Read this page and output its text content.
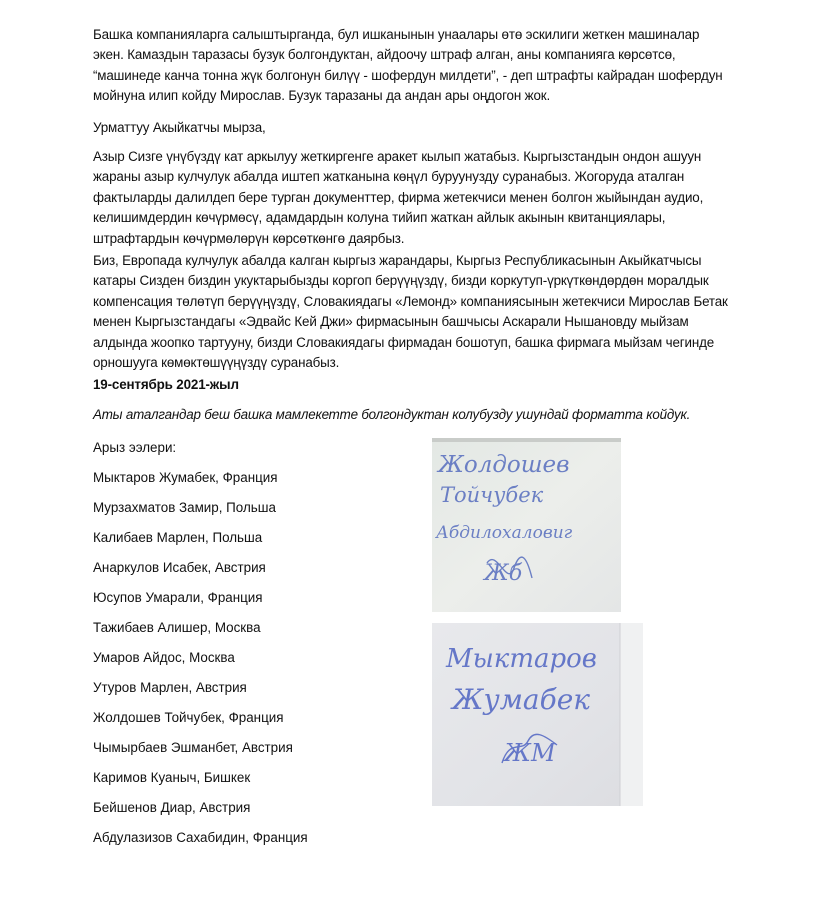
Башка компанияларга салыштырганда, бул ишканынын унаалары өтө эскилиги жеткен машиналар экен. Камаздын таразасы бузук болгондуктан, айдоочу штраф алган, аны компанияга көрсөтсө, “машинеде канча тонна жүк болгонун билүү - шофердун милдети”, - деп штрафты кайрадан шофердун мойнуна илип койду Мирослав. Бузук таразаны да андан ары оңдогон жок.

Урматтуу Акыйкатчы мырза,

Азыр Сизге үнүбүздү кат аркылуу жеткиргенге аракет кылып жатабыз. Кыргызстандын ондон ашуун жараны азыр кулчулук абалда иштеп жатканына көңүл буруунузду суранабыз. Жогоруда аталган фактыларды далилдеп бере турган документтер, фирма жетекчиси менен болгон жыйындан аудио, келишимдердин көчүрмөсү, адамдардын колуна тийип жаткан айлык акынын квитанциялары, штрафтардын көчүрмөлөрүн көрсөткөнгө даярбыз.

Биз, Европада кулчулук абалда калган кыргыз жарандары, Кыргыз Республикасынын Акыйкатчысы катары Сизден биздин укуктарыбызды коргоп берүүңүздү, бизди коркутуп-үркүткөндөрдөн моралдык компенсация төлөтүп берүүңүздү, Словакиядагы «Лемонд» компаниясынын жетекчиси Мирослав Бетак менен Кыргызстандагы «Эдвайс Кей Джи» фирмасынын башчысы Аскарали Нышановду мыйзам алдында жоопко тартууну, бизди Словакиядагы фирмадан бошотуп, башка фирмага мыйзам чегинде орношууга көмөктөшүүңүздү суранабыз.

19-сентябрь 2021-жыл

Аты аталгандар беш башка мамлекетте болгондуктан колубузду ушундай форматта койдук.

Арыз ээлери:

Мыктаров Жумабек, Франция

Мурзахматов Замир, Польша

Калибаев Марлен, Польша

Анаркулов Исабек, Австрия

Юсупов Умарали, Франция

Тажибаев Алишер, Москва

Умаров Айдос, Москва

Утуров Марлен, Австрия

Жолдошев Тойчубек, Франция

Чымырбаев Эшманбет, Австрия

Каримов Куаныч, Бишкек

Бейшенов Диар, Австрия

Абдулазизов Сахабидин, Франция

Жолдошев
Тойчубек
Абдилохаловиг
Жб
Мыктаров
Жумабек
ЖМ
